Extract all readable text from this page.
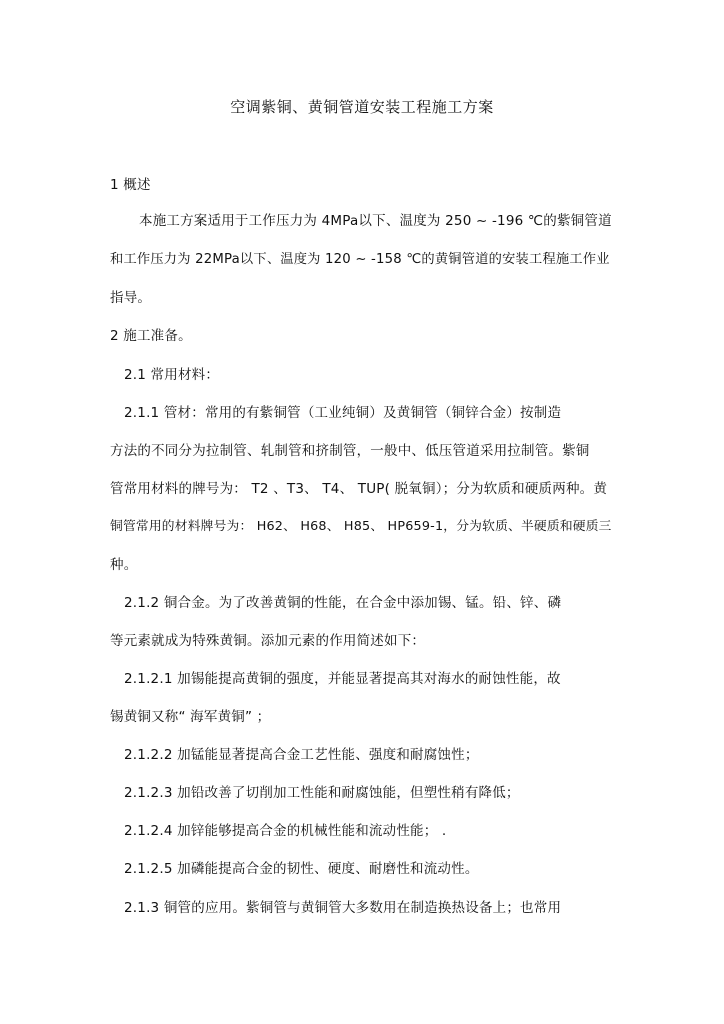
空调紫铜、黄铜管道安装工程施工方案
1 概述
本施工方案适用于工作压力为 4MPa以下、温度为 250 ~ -196 ℃的紫铜管道
和工作压力为 22MPa以下、温度为 120 ~ -158 ℃的黄铜管道的安装工程施工作业
指导。
2 施工准备。
2.1 常用材料：
2.1.1 管材：常用的有紫铜管（工业纯铜）及黄铜管（铜锌合金）按制造
方法的不同分为拉制管、轧制管和挤制管，一般中、低压管道采用拉制管。紫铜
管常用材料的牌号为： T2 、T3、 T4、 TUP( 脱氧铜）；分为软质和硬质两种。黄
铜管常用的材料牌号为： H62、 H68、 H85、 HP659-1，分为软质、半硬质和硬质三
种。
2.1.2 铜合金。为了改善黄铜的性能，在合金中添加锡、锰。铅、锌、磷
等元素就成为特殊黄铜。添加元素的作用简述如下：
2.1.2.1 加锡能提高黄铜的强度，并能显著提高其对海水的耐蚀性能，故
锡黄铜又称“ 海军黄铜” ；
2.1.2.2 加锰能显著提高合金工艺性能、强度和耐腐蚀性；
2.1.2.3 加铅改善了切削加工性能和耐腐蚀能，但塑性稍有降低；
2.1.2.4 加锌能够提高合金的机械性能和流动性能； .
2.1.2.5 加磷能提高合金的韧性、硬度、耐磨性和流动性。
2.1.3 铜管的应用。紫铜管与黄铜管大多数用在制造换热设备上；也常用
